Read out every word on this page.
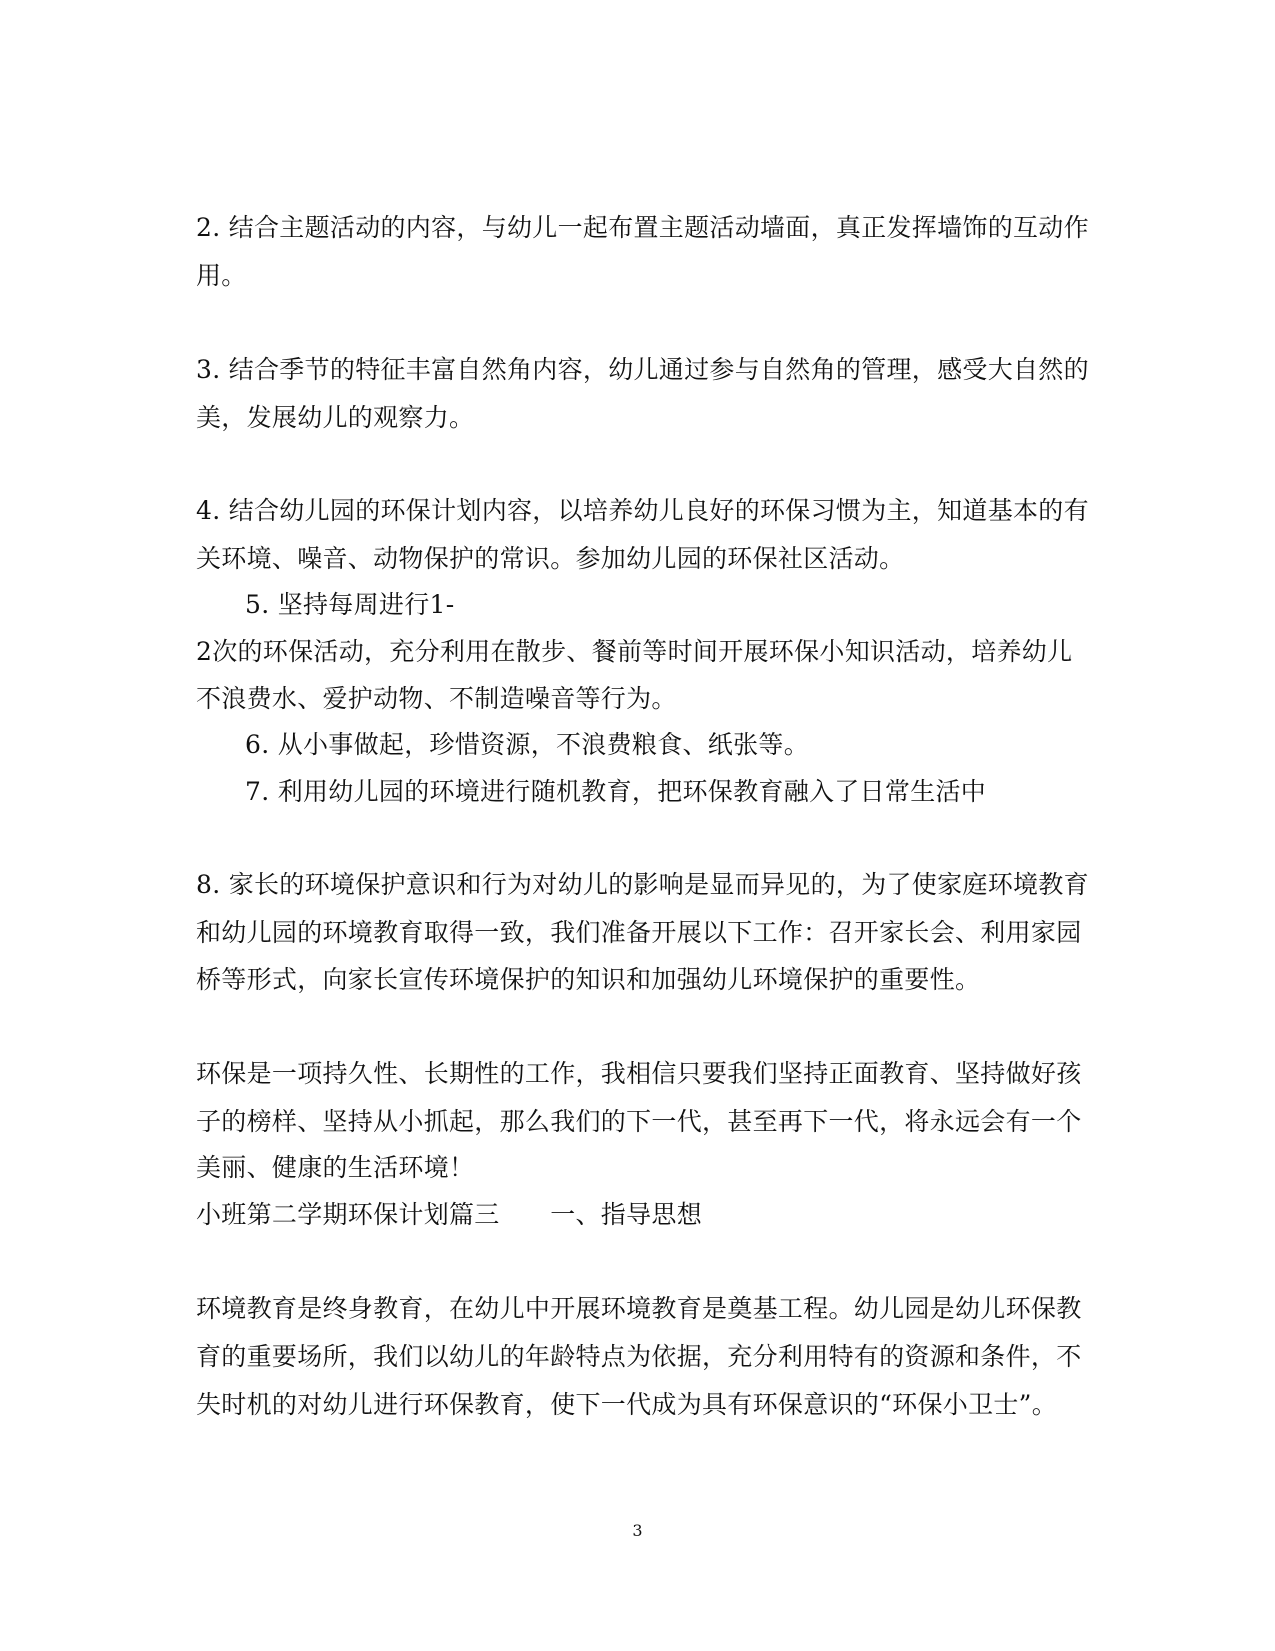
2. 结合主题活动的内容，与幼儿一起布置主题活动墙面，真正发挥墙饰的互动作
用。
3. 结合季节的特征丰富自然角内容，幼儿通过参与自然角的管理，感受大自然的
美，发展幼儿的观察力。
4. 结合幼儿园的环保计划内容，以培养幼儿良好的环保习惯为主，知道基本的有
关环境、噪音、动物保护的常识。参加幼儿园的环保社区活动。
5. 坚持每周进行1-
2次的环保活动，充分利用在散步、餐前等时间开展环保小知识活动，培养幼儿
不浪费水、爱护动物、不制造噪音等行为。
6. 从小事做起，珍惜资源，不浪费粮食、纸张等。
7. 利用幼儿园的环境进行随机教育，把环保教育融入了日常生活中
8. 家长的环境保护意识和行为对幼儿的影响是显而异见的，为了使家庭环境教育
和幼儿园的环境教育取得一致，我们准备开展以下工作：召开家长会、利用家园
桥等形式，向家长宣传环境保护的知识和加强幼儿环境保护的重要性。
环保是一项持久性、长期性的工作，我相信只要我们坚持正面教育、坚持做好孩
子的榜样、坚持从小抓起，那么我们的下一代，甚至再下一代，将永远会有一个
美丽、健康的生活环境！
小班第二学期环保计划篇三　　一、指导思想
环境教育是终身教育，在幼儿中开展环境教育是奠基工程。幼儿园是幼儿环保教
育的重要场所，我们以幼儿的年龄特点为依据，充分利用特有的资源和条件，不
失时机的对幼儿进行环保教育，使下一代成为具有环保意识的“环保小卫士”。
3
